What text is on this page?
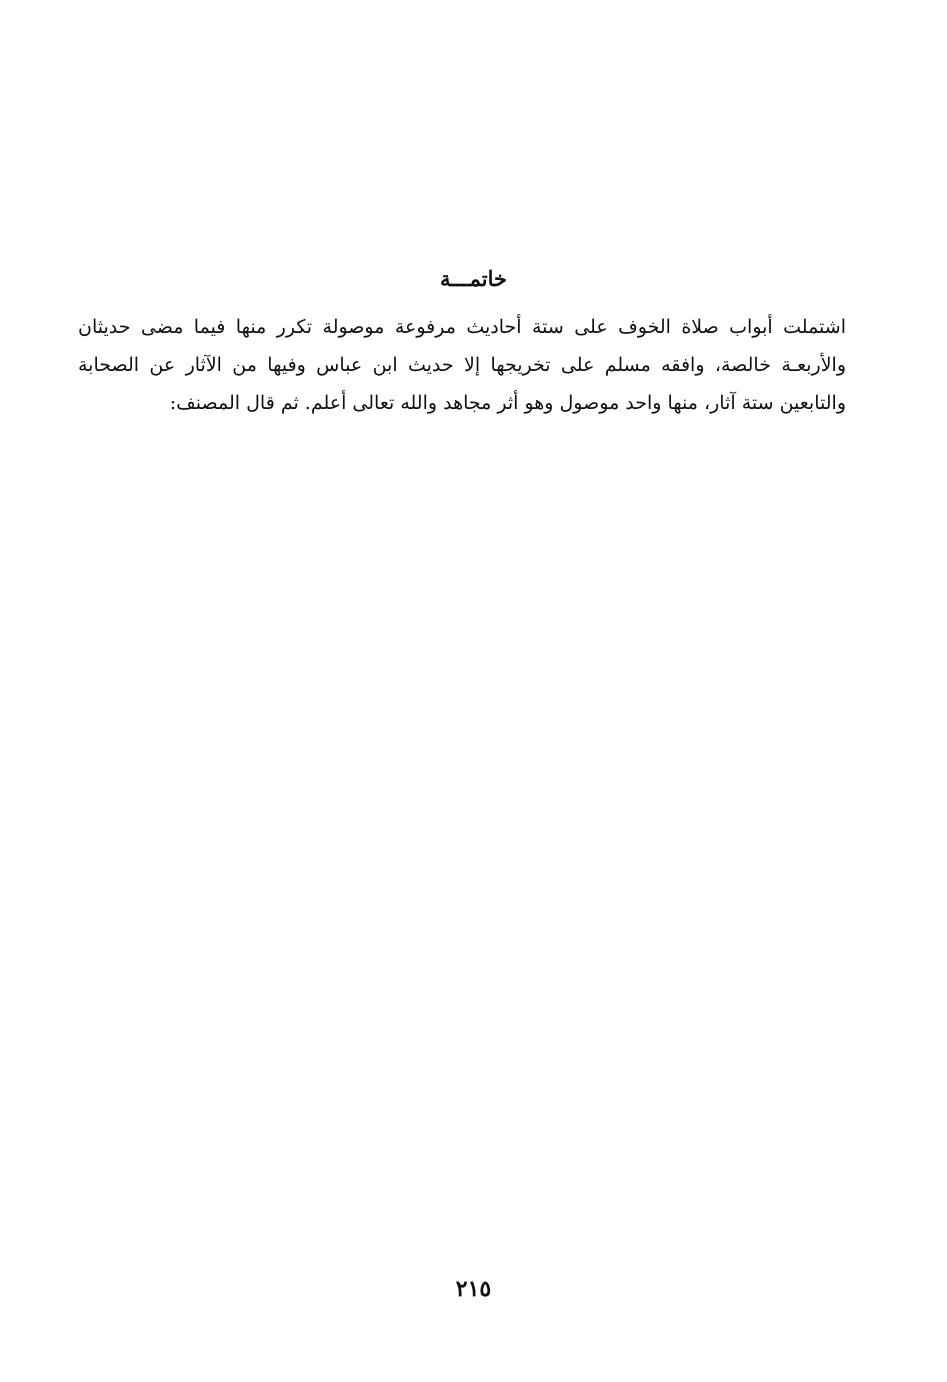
خاتمـــة
اشتملت أبواب صلاة الخوف على ستة أحاديث مرفوعة موصولة تكرر منها فيما مضى حديثان
والأربعـة خالصة، وافقه مسلم على تخريجها إلا حديث ابن عباس وفيها من الآثار عن الصحابة
والتابعين ستة آثار، منها واحد موصول وهو أثر مجاهد والله تعالى أعلم. ثم قال المصنف:
٢١٥
